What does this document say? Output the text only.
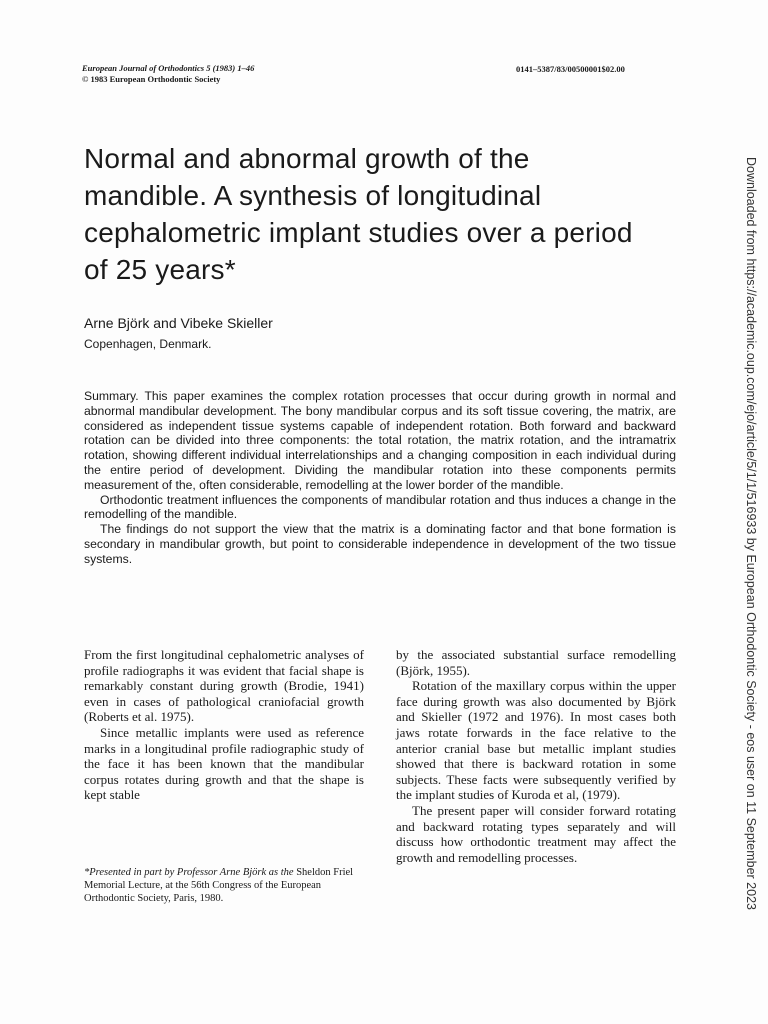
European Journal of Orthodontics 5 (1983) 1–46
© 1983 European Orthodontic Society
0141–5387/83/00500001$02.00
Normal and abnormal growth of the mandible. A synthesis of longitudinal cephalometric implant studies over a period of 25 years*
Arne Björk and Vibeke Skieller
Copenhagen, Denmark.

Summary. This paper examines the complex rotation processes that occur during growth in normal and abnormal mandibular development. The bony mandibular corpus and its soft tissue covering, the matrix, are considered as independent tissue systems capable of independent rotation. Both forward and backward rotation can be divided into three components: the total rotation, the matrix rotation, and the intramatrix rotation, showing different individual interrelationships and a changing composition in each individual during the entire period of development. Dividing the mandibular rotation into these components permits measurement of the, often considerable, remodelling at the lower border of the mandible.

Orthodontic treatment influences the components of mandibular rotation and thus induces a change in the remodelling of the mandible.

The findings do not support the view that the matrix is a dominating factor and that bone formation is secondary in mandibular growth, but point to considerable independence in development of the two tissue systems.

From the first longitudinal cephalometric analyses of profile radiographs it was evident that facial shape is remarkably constant during growth (Brodie, 1941) even in cases of pathological craniofacial growth (Roberts et al. 1975).

Since metallic implants were used as reference marks in a longitudinal profile radiographic study of the face it has been known that the mandibular corpus rotates during growth and that the shape is kept stable

by the associated substantial surface remodelling (Björk, 1955).

Rotation of the maxillary corpus within the upper face during growth was also documented by Björk and Skieller (1972 and 1976). In most cases both jaws rotate forwards in the face relative to the anterior cranial base but metallic implant studies showed that there is backward rotation in some subjects. These facts were subsequently verified by the implant studies of Kuroda et al, (1979).

The present paper will consider forward rotating and backward rotating types separately and will discuss how orthodontic treatment may affect the growth and remodelling processes.

*Presented in part by Professor Arne Björk as the Sheldon Friel Memorial Lecture, at the 56th Congress of the European Orthodontic Society, Paris, 1980.	Downloaded from https://academic.oup.com/ejo/article/5/1/1/516933 by European Orthodontic Society - eos user on 11 September 2023
